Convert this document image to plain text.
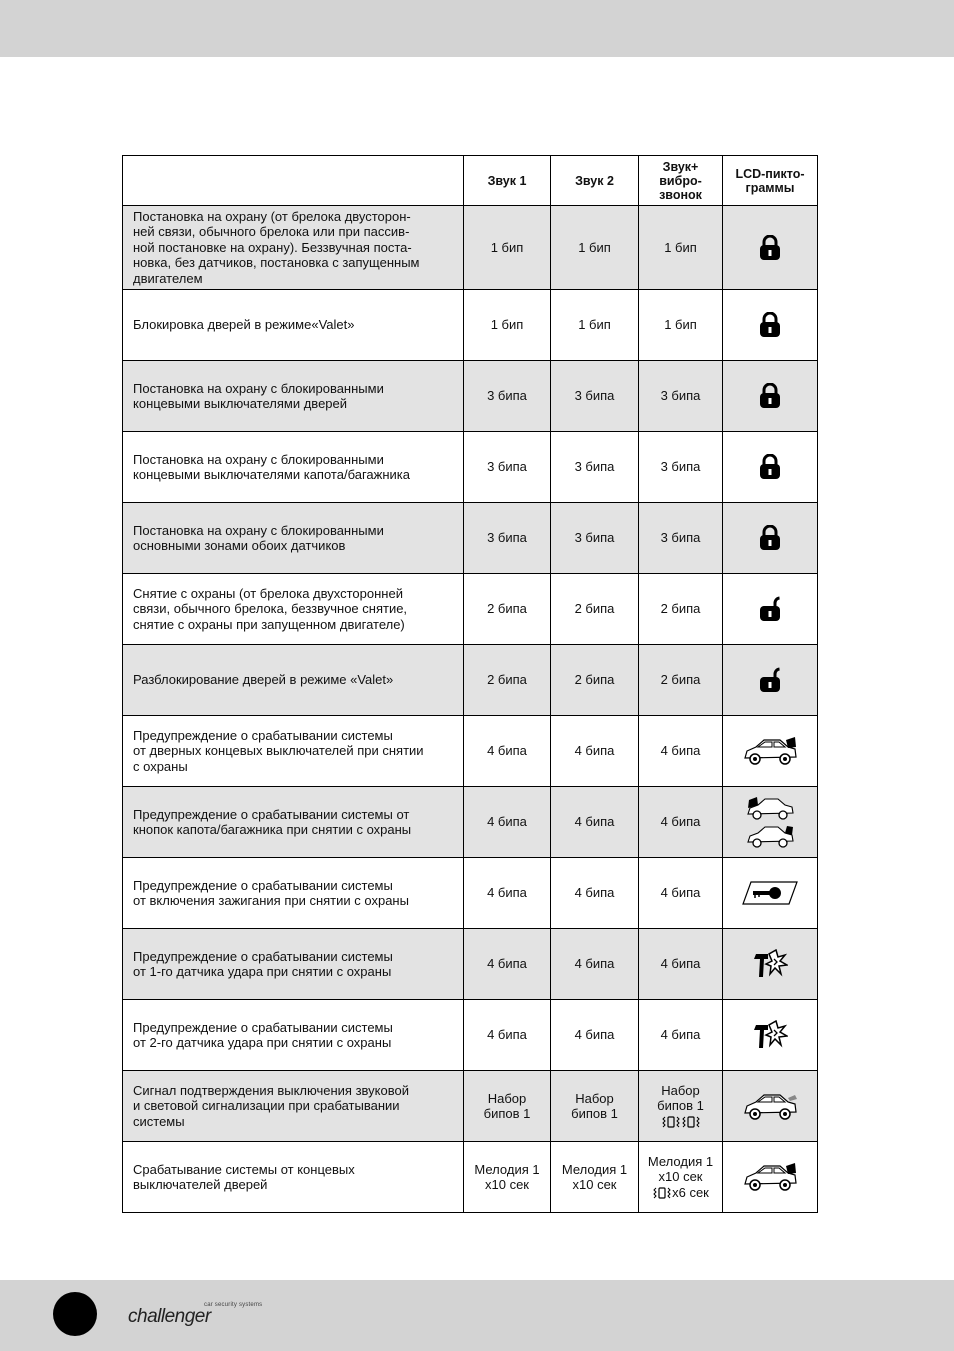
	Звук 1	Звук 2	Звук+
вибро-
звонок	LCD-пикто-
граммы
Постановка на охрану (от брелока двусторон-
ней связи, обычного брелока или при пассив-
ной постановке на охрану). Беззвучная поста-
новка, без датчиков, постановка с запущенным
двигателем	1 бип	1 бип	1 бип	

Блокировка дверей в режиме«Valet»	1 бип	1 бип	1 бип	

Постановка на охрану с блокированными
концевыми выключателями дверей	3 бипа	3 бипа	3 бипа	

Постановка на охрану с блокированными
концевыми выключателями капота/багажника	3 бипа	3 бипа	3 бипа	

Постановка на охрану с блокированными
основными зонами обоих датчиков	3 бипа	3 бипа	3 бипа	

Снятие с охраны (от брелока двухсторонней
связи, обычного брелока, беззвучное снятие,
снятие с охраны при запущенном двигателе)	2 бипа	2 бипа	2 бипа	

Разблокирование дверей в режиме «Valet»	2 бипа	2 бипа	2 бипа	

Предупреждение о срабатывании системы
от дверных концевых выключателей при снятии
с охраны	4 бипа	4 бипа	4 бипа	

Предупреждение о срабатывании системы от
кнопок капота/багажника при снятии с охраны	4 бипа	4 бипа	4 бипа	

Предупреждение о срабатывании системы
от включения зажигания при снятии с охраны	4 бипа	4 бипа	4 бипа	

Предупреждение о срабатывании системы
от 1-го датчика удара при снятии с охраны	4 бипа	4 бипа	4 бипа	

Предупреждение о срабатывании системы
от 2-го датчика удара при снятии с охраны	4 бипа	4 бипа	4 бипа	

Сигнал подтверждения выключения звуковой
и световой сигнализации при срабатывании
системы	Набор
бипов 1	Набор
бипов 1	Набор
бипов 1

Срабатывание системы от концевых
выключателей дверей	Мелодия 1
х10 сек	Мелодия 1
х10 сек	Мелодия 1
х10 сек
х6 сек

car security systems
challenger
